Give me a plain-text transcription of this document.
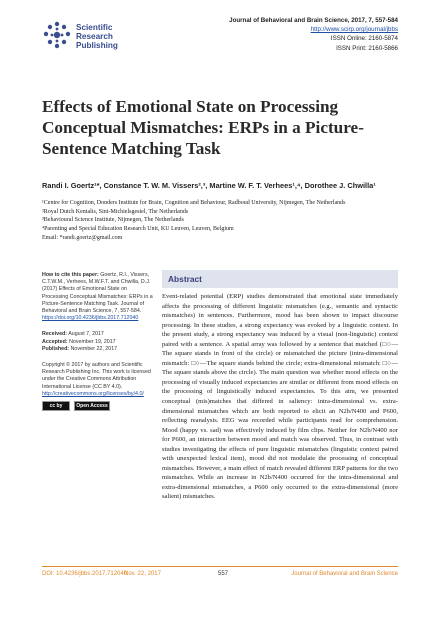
Scientific
Research
Publishing
Journal of Behavioral and Brain Science, 2017, 7, 557-584
http://www.scirp.org/journal/jbbs
ISSN Online: 2160-5874
ISSN Print: 2160-5866
Effects of Emotional State on Processing Conceptual Mismatches: ERPs in a Picture-Sentence Matching Task
Randi I. Goertz¹*, Constance T. W. M. Vissers²,³, Martine W. F. T. Verhees¹,⁴, Dorothee J. Chwilla¹
¹Centre for Cognition, Donders Institute for Brain, Cognition and Behaviour, Radboud University, Nijmegen, The Netherlands
²Royal Dutch Kentalis, Sint-Michielsgestel, The Netherlands
³Behavioural Science Institute, Nijmegen, The Netherlands
⁴Parenting and Special Education Research Unit, KU Leuven, Leuven, Belgium
Email: *randi.goertz@gmail.com

How to cite this paper: Goertz, R.I., Vissers, C.T.W.M., Verhees, M.W.F.T. and Chwilla, D.J. (2017) Effects of Emotional State on Processing Conceptual Mismatches: ERPs in a Picture-Sentence Matching Task. Journal of Behavioral and Brain Science, 7, 557-584.
https://doi.org/10.4236/jbbs.2017.712040

Received: August 7, 2017

Accepted: November 19, 2017

Published: November 22, 2017

Copyright © 2017 by authors and Scientific Research Publishing Inc. This work is licensed under the Creative Commons Attribution International License (CC BY 4.0).
http://creativecommons.org/licenses/by/4.0/

cc by	Open Access
Abstract
Event-related potential (ERP) studies demonstrated that emotional state immediately affects the processing of different linguistic mismatches (e.g., semantic and syntactic mismatches) in sentences. Furthermore, mood has been shown to impact discourse processing. In these studies, a strong expectancy was evoked by a linguistic context. In the present study, a strong expectancy was induced by a visual (non-linguistic) context paired with a sentence. A spatial array was followed by a sentence that matched (□○—The square stands in front of the circle) or mismatched the picture (intra-dimensional mismatch: □○—The square stands behind the circle; extra-dimensional mismatch: □○—The square stands above the circle). The main question was whether mood effects on the processing of visually induced expectancies are similar or different from mood effects on the processing of linguistically induced expectancies. To this aim, we presented conceptual (mis)matches that differed in saliency: intra-dimensional vs. extra-dimensional mismatches which are both reported to elicit an N2b/N400 and P600, reflecting reanalysis. EEG was recorded while participants read for comprehension. Mood (happy vs. sad) was effectively induced by film clips. Neither for N2b/N400 nor for P600, an interaction between mood and match was observed. Thus, in contrast with studies investigating the effects of pure linguistic mismatches (linguistic context paired with unexpected lexical item), mood did not modulate the processing of conceptual mismatches. However, a main effect of match revealed different ERP patterns for the two mismatches. While an increase in N2b/N400 occurred for the intra-dimensional and extra-dimensional mismatches, a P600 only occurred to the extra-dimensional (more salient) mismatches.
DOI: 10.4236/jbbs.2017.712040
Nov. 22, 2017	557	Journal of Behavioral and Brain Science
